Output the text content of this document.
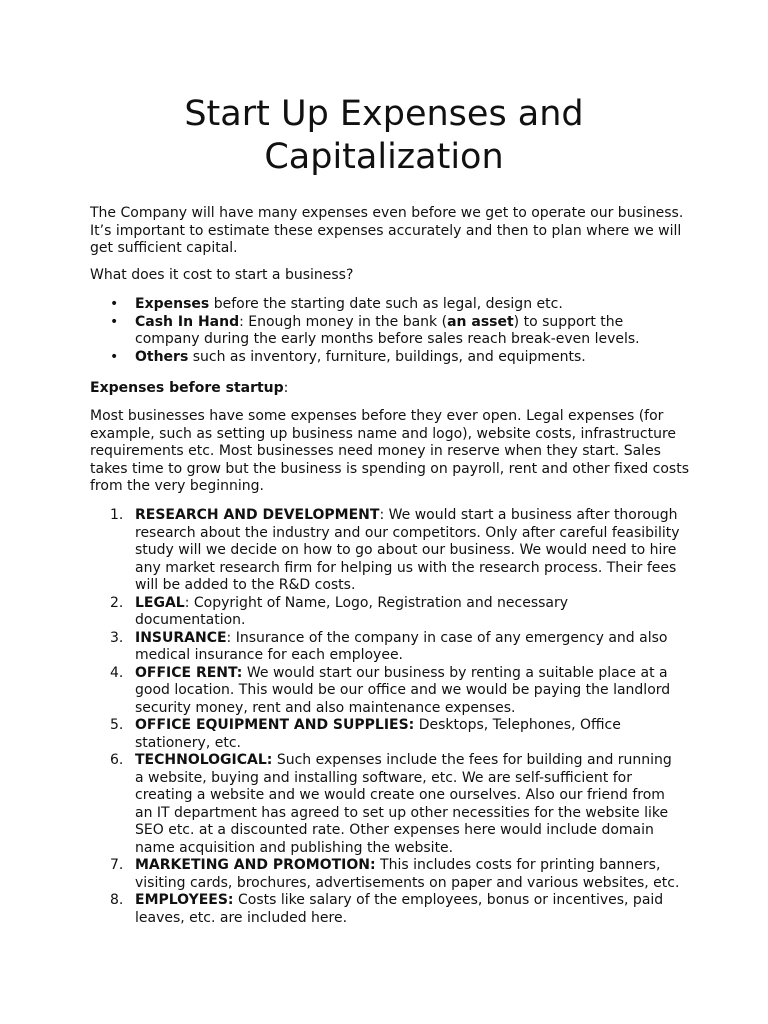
Start Up Expenses and
Capitalization

The Company will have many expenses even before we get to operate our business. It’s important to estimate these expenses accurately and then to plan where we will get sufficient capital.

What does it cost to start a business?

• Expenses before the starting date such as legal, design etc.
• Cash In Hand: Enough money in the bank (an asset) to support the company during the early months before sales reach break-even levels.
• Others such as inventory, furniture, buildings, and equipments.

Expenses before startup:

Most businesses have some expenses before they ever open. Legal expenses (for example, such as setting up business name and logo), website costs, infrastructure requirements etc. Most businesses need money in reserve when they start. Sales takes time to grow but the business is spending on payroll, rent and other fixed costs from the very beginning.

1. RESEARCH AND DEVELOPMENT: We would start a business after thorough research about the industry and our competitors. Only after careful feasibility study will we decide on how to go about our business. We would need to hire any market research firm for helping us with the research process. Their fees will be added to the R&D costs.
2. LEGAL: Copyright of Name, Logo, Registration and necessary documentation.
3. INSURANCE: Insurance of the company in case of any emergency and also medical insurance for each employee.
4. OFFICE RENT: We would start our business by renting a suitable place at a good location. This would be our office and we would be paying the landlord security money, rent and also maintenance expenses.
5. OFFICE EQUIPMENT AND SUPPLIES: Desktops, Telephones, Office stationery, etc.
6. TECHNOLOGICAL: Such expenses include the fees for building and running a website, buying and installing software, etc. We are self-sufficient for creating a website and we would create one ourselves. Also our friend from an IT department has agreed to set up other necessities for the website like SEO etc. at a discounted rate. Other expenses here would include domain name acquisition and publishing the website.
7. MARKETING AND PROMOTION: This includes costs for printing banners, visiting cards, brochures, advertisements on paper and various websites, etc.
8. EMPLOYEES: Costs like salary of the employees, bonus or incentives, paid leaves, etc. are included here.
